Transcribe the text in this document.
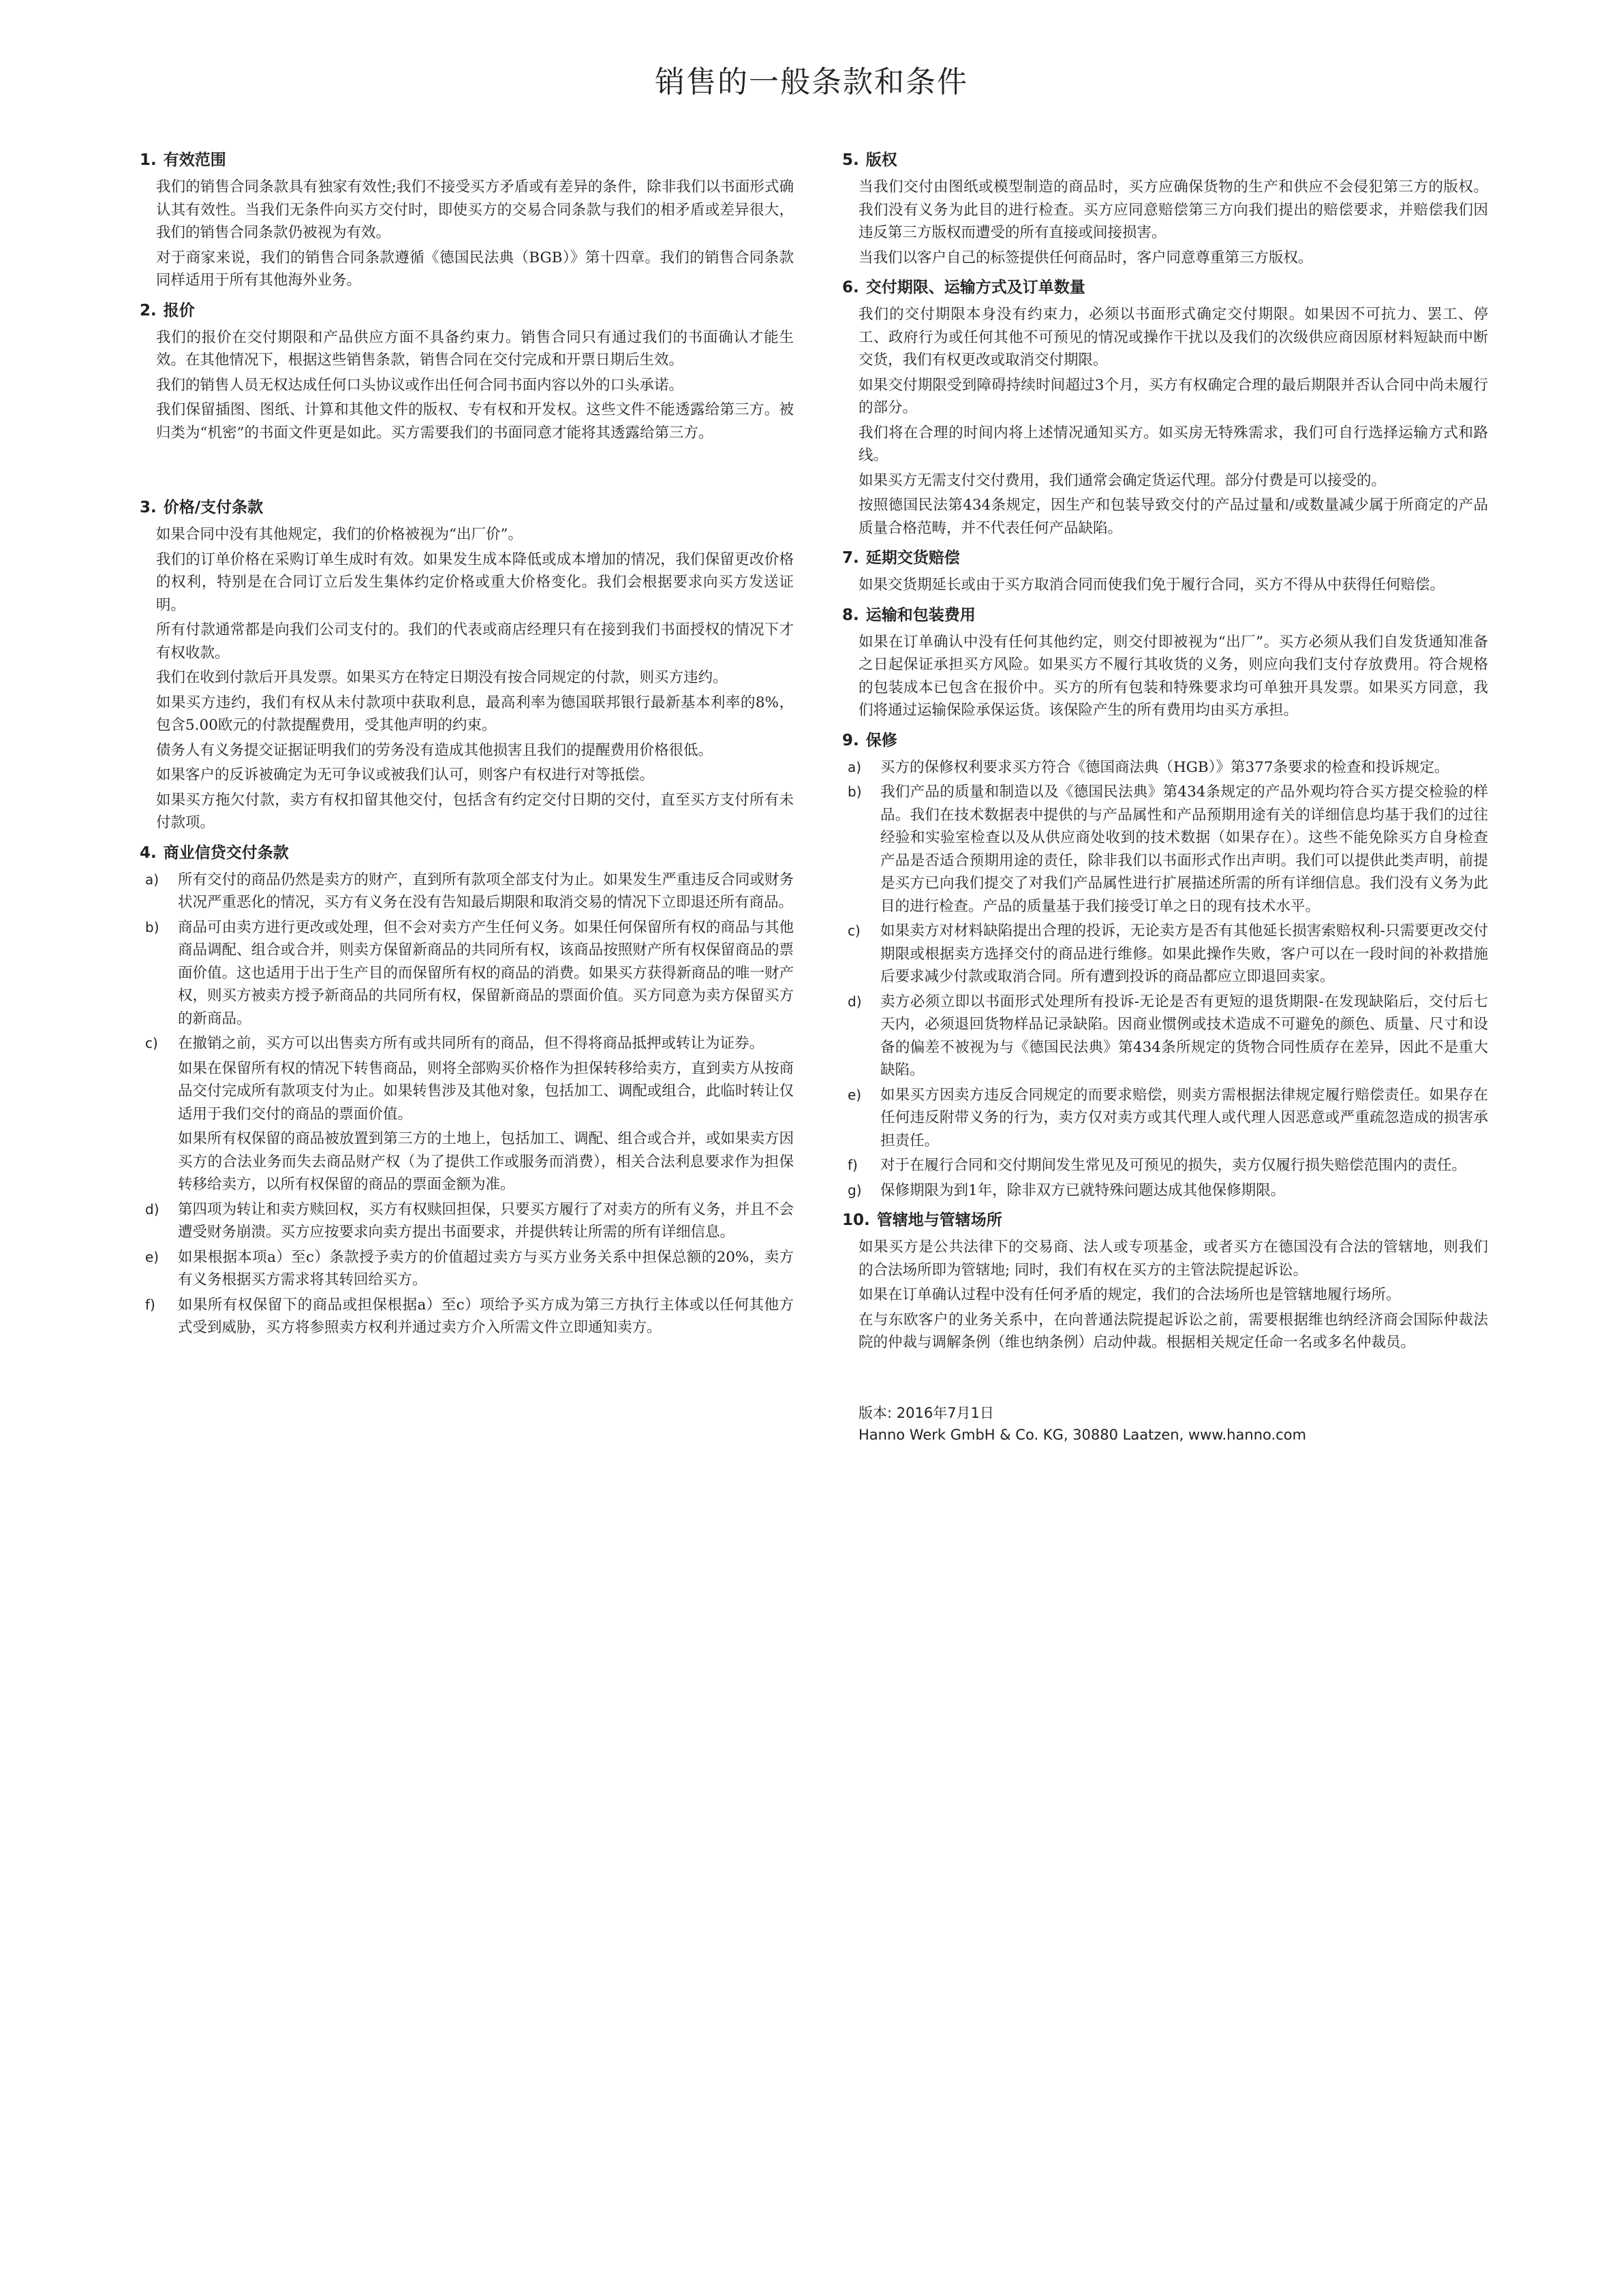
销售的一般条款和条件
1. 有效范围

我们的销售合同条款具有独家有效性;我们不接受买方矛盾或有差异的条件，除非我们以书面形式确认其有效性。当我们无条件向买方交付时，即使买方的交易合同条款与我们的相矛盾或差异很大，我们的销售合同条款仍被视为有效。

对于商家来说，我们的销售合同条款遵循《德国民法典（BGB）》第十四章。我们的销售合同条款同样适用于所有其他海外业务。

2. 报价

我们的报价在交付期限和产品供应方面不具备约束力。销售合同只有通过我们的书面确认才能生效。在其他情况下，根据这些销售条款，销售合同在交付完成和开票日期后生效。

我们的销售人员无权达成任何口头协议或作出任何合同书面内容以外的口头承诺。

我们保留插图、图纸、计算和其他文件的版权、专有权和开发权。这些文件不能透露给第三方。被归类为“机密”的书面文件更是如此。买方需要我们的书面同意才能将其透露给第三方。

3. 价格/支付条款

如果合同中没有其他规定，我们的价格被视为“出厂价”。

我们的订单价格在采购订单生成时有效。如果发生成本降低或成本增加的情况，我们保留更改价格的权利，特别是在合同订立后发生集体约定价格或重大价格变化。我们会根据要求向买方发送证明。

所有付款通常都是向我们公司支付的。我们的代表或商店经理只有在接到我们书面授权的情况下才有权收款。

我们在收到付款后开具发票。如果买方在特定日期没有按合同规定的付款，则买方违约。

如果买方违约，我们有权从未付款项中获取利息，最高利率为德国联邦银行最新基本利率的8%，包含5.00欧元的付款提醒费用，受其他声明的约束。

债务人有义务提交证据证明我们的劳务没有造成其他损害且我们的提醒费用价格很低。

如果客户的反诉被确定为无可争议或被我们认可，则客户有权进行对等抵偿。

如果买方拖欠付款，卖方有权扣留其他交付，包括含有约定交付日期的交付，直至买方支付所有未付款项。

4. 商业信贷交付条款
a) 所有交付的商品仍然是卖方的财产，直到所有款项全部支付为止。如果发生严重违反合同或财务状况严重恶化的情况，买方有义务在没有告知最后期限和取消交易的情况下立即退还所有商品。

b) 商品可由卖方进行更改或处理，但不会对卖方产生任何义务。如果任何保留所有权的商品与其他商品调配、组合或合并，则卖方保留新商品的共同所有权，该商品按照财产所有权保留商品的票面价值。这也适用于出于生产目的而保留所有权的商品的消费。如果买方获得新商品的唯一财产权，则买方被卖方授予新商品的共同所有权，保留新商品的票面价值。买方同意为卖方保留买方的新商品。

c) 在撤销之前，买方可以出售卖方所有或共同所有的商品，但不得将商品抵押或转让为证券。

如果在保留所有权的情况下转售商品，则将全部购买价格作为担保转移给卖方，直到卖方从按商品交付完成所有款项支付为止。如果转售涉及其他对象，包括加工、调配或组合，此临时转让仅适用于我们交付的商品的票面价值。

如果所有权保留的商品被放置到第三方的土地上，包括加工、调配、组合或合并，或如果卖方因买方的合法业务而失去商品财产权（为了提供工作或服务而消费），相关合法利息要求作为担保转移给卖方，以所有权保留的商品的票面金额为准。

d) 第四项为转让和卖方赎回权，买方有权赎回担保，只要买方履行了对卖方的所有义务，并且不会遭受财务崩溃。买方应按要求向卖方提出书面要求，并提供转让所需的所有详细信息。

e) 如果根据本项a）至c）条款授予卖方的价值超过卖方与买方业务关系中担保总额的20%，卖方有义务根据买方需求将其转回给买方。

f) 如果所有权保留下的商品或担保根据a）至c）项给予买方成为第三方执行主体或以任何其他方式受到威胁，买方将参照卖方权利并通过卖方介入所需文件立即通知卖方。

5. 版权

当我们交付由图纸或模型制造的商品时，买方应确保货物的生产和供应不会侵犯第三方的版权。我们没有义务为此目的进行检查。买方应同意赔偿第三方向我们提出的赔偿要求，并赔偿我们因违反第三方版权而遭受的所有直接或间接损害。

当我们以客户自己的标签提供任何商品时，客户同意尊重第三方版权。

6. 交付期限、运输方式及订单数量

我们的交付期限本身没有约束力，必须以书面形式确定交付期限。如果因不可抗力、罢工、停工、政府行为或任何其他不可预见的情况或操作干扰以及我们的次级供应商因原材料短缺而中断交货，我们有权更改或取消交付期限。

如果交付期限受到障碍持续时间超过3个月，买方有权确定合理的最后期限并否认合同中尚未履行的部分。

我们将在合理的时间内将上述情况通知买方。如买房无特殊需求，我们可自行选择运输方式和路线。

如果买方无需支付交付费用，我们通常会确定货运代理。部分付费是可以接受的。

按照德国民法第434条规定，因生产和包装导致交付的产品过量和/或数量减少属于所商定的产品质量合格范畴，并不代表任何产品缺陷。

7. 延期交货赔偿

如果交货期延长或由于买方取消合同而使我们免于履行合同，买方不得从中获得任何赔偿。

8. 运输和包装费用

如果在订单确认中没有任何其他约定，则交付即被视为“出厂”。买方必须从我们自发货通知准备之日起保证承担买方风险。如果买方不履行其收货的义务，则应向我们支付存放费用。符合规格的包装成本已包含在报价中。买方的所有包装和特殊要求均可单独开具发票。如果买方同意，我们将通过运输保险承保运货。该保险产生的所有费用均由买方承担。

9. 保修
a) 买方的保修权利要求买方符合《德国商法典（HGB）》第377条要求的检查和投诉规定。

b) 我们产品的质量和制造以及《德国民法典》第434条规定的产品外观均符合买方提交检验的样品。我们在技术数据表中提供的与产品属性和产品预期用途有关的详细信息均基于我们的过往经验和实验室检查以及从供应商处收到的技术数据（如果存在）。这些不能免除买方自身检查产品是否适合预期用途的责任，除非我们以书面形式作出声明。我们可以提供此类声明，前提是买方已向我们提交了对我们产品属性进行扩展描述所需的所有详细信息。我们没有义务为此目的进行检查。产品的质量基于我们接受订单之日的现有技术水平。

c) 如果卖方对材料缺陷提出合理的投诉，无论卖方是否有其他延长损害索赔权利-只需要更改交付期限或根据卖方选择交付的商品进行维修。如果此操作失败，客户可以在一段时间的补救措施后要求减少付款或取消合同。所有遭到投诉的商品都应立即退回卖家。

d) 卖方必须立即以书面形式处理所有投诉-无论是否有更短的退货期限-在发现缺陷后，交付后七天内，必须退回货物样品记录缺陷。因商业惯例或技术造成不可避免的颜色、质量、尺寸和设备的偏差不被视为与《德国民法典》第434条所规定的货物合同性质存在差异，因此不是重大缺陷。

e) 如果买方因卖方违反合同规定的而要求赔偿，则卖方需根据法律规定履行赔偿责任。如果存在任何违反附带义务的行为，卖方仅对卖方或其代理人或代理人因恶意或严重疏忽造成的损害承担责任。

f) 对于在履行合同和交付期间发生常见及可预见的损失，卖方仅履行损失赔偿范围内的责任。

g) 保修期限为到1年，除非双方已就特殊问题达成其他保修期限。

10. 管辖地与管辖场所

如果买方是公共法律下的交易商、法人或专项基金，或者买方在德国没有合法的管辖地，则我们的合法场所即为管辖地; 同时，我们有权在买方的主管法院提起诉讼。

如果在订单确认过程中没有任何矛盾的规定，我们的合法场所也是管辖地履行场所。

在与东欧客户的业务关系中，在向普通法院提起诉讼之前，需要根据维也纳经济商会国际仲裁法院的仲裁与调解条例（维也纳条例）启动仲裁。根据相关规定任命一名或多名仲裁员。

版本: 2016年7月1日
Hanno Werk GmbH & Co. KG, 30880 Laatzen, www.hanno.com
